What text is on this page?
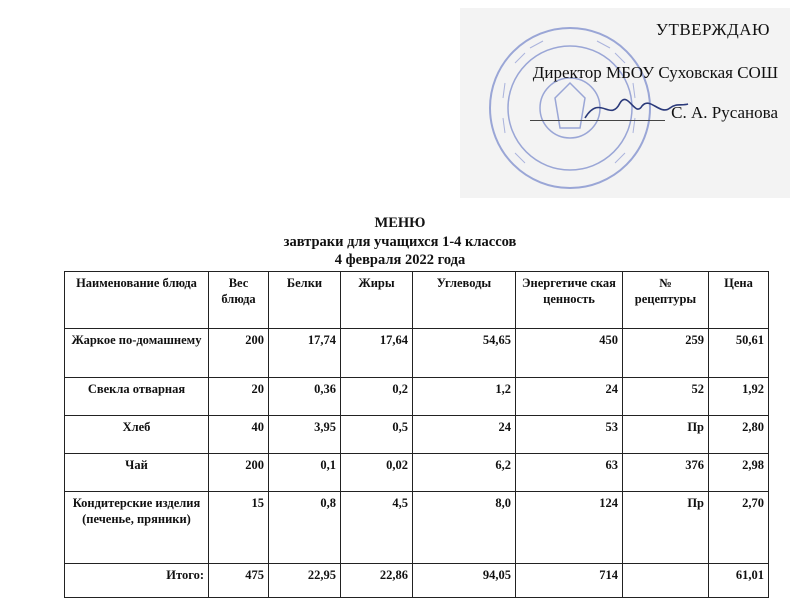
УТВЕРЖДАЮ
Директор МБОУ Суховская СОШ
С. А. Русанова
МЕНЮ
завтраки для учащихся 1-4 классов
4 февраля 2022 года
Наименование блюда	Вес блюда	Белки	Жиры	Углеводы	Энергетиче ская ценность	№ рецептуры	Цена
Жаркое по-домашнему	200	17,74	17,64	54,65	450	259	50,61
Свекла отварная	20	0,36	0,2	1,2	24	52	1,92
Хлеб	40	3,95	0,5	24	53	Пр	2,80
Чай	200	0,1	0,02	6,2	63	376	2,98
Кондитерские изделия (печенье, пряники)	15	0,8	4,5	8,0	124	Пр	2,70
Итого:	475	22,95	22,86	94,05	714		61,01
